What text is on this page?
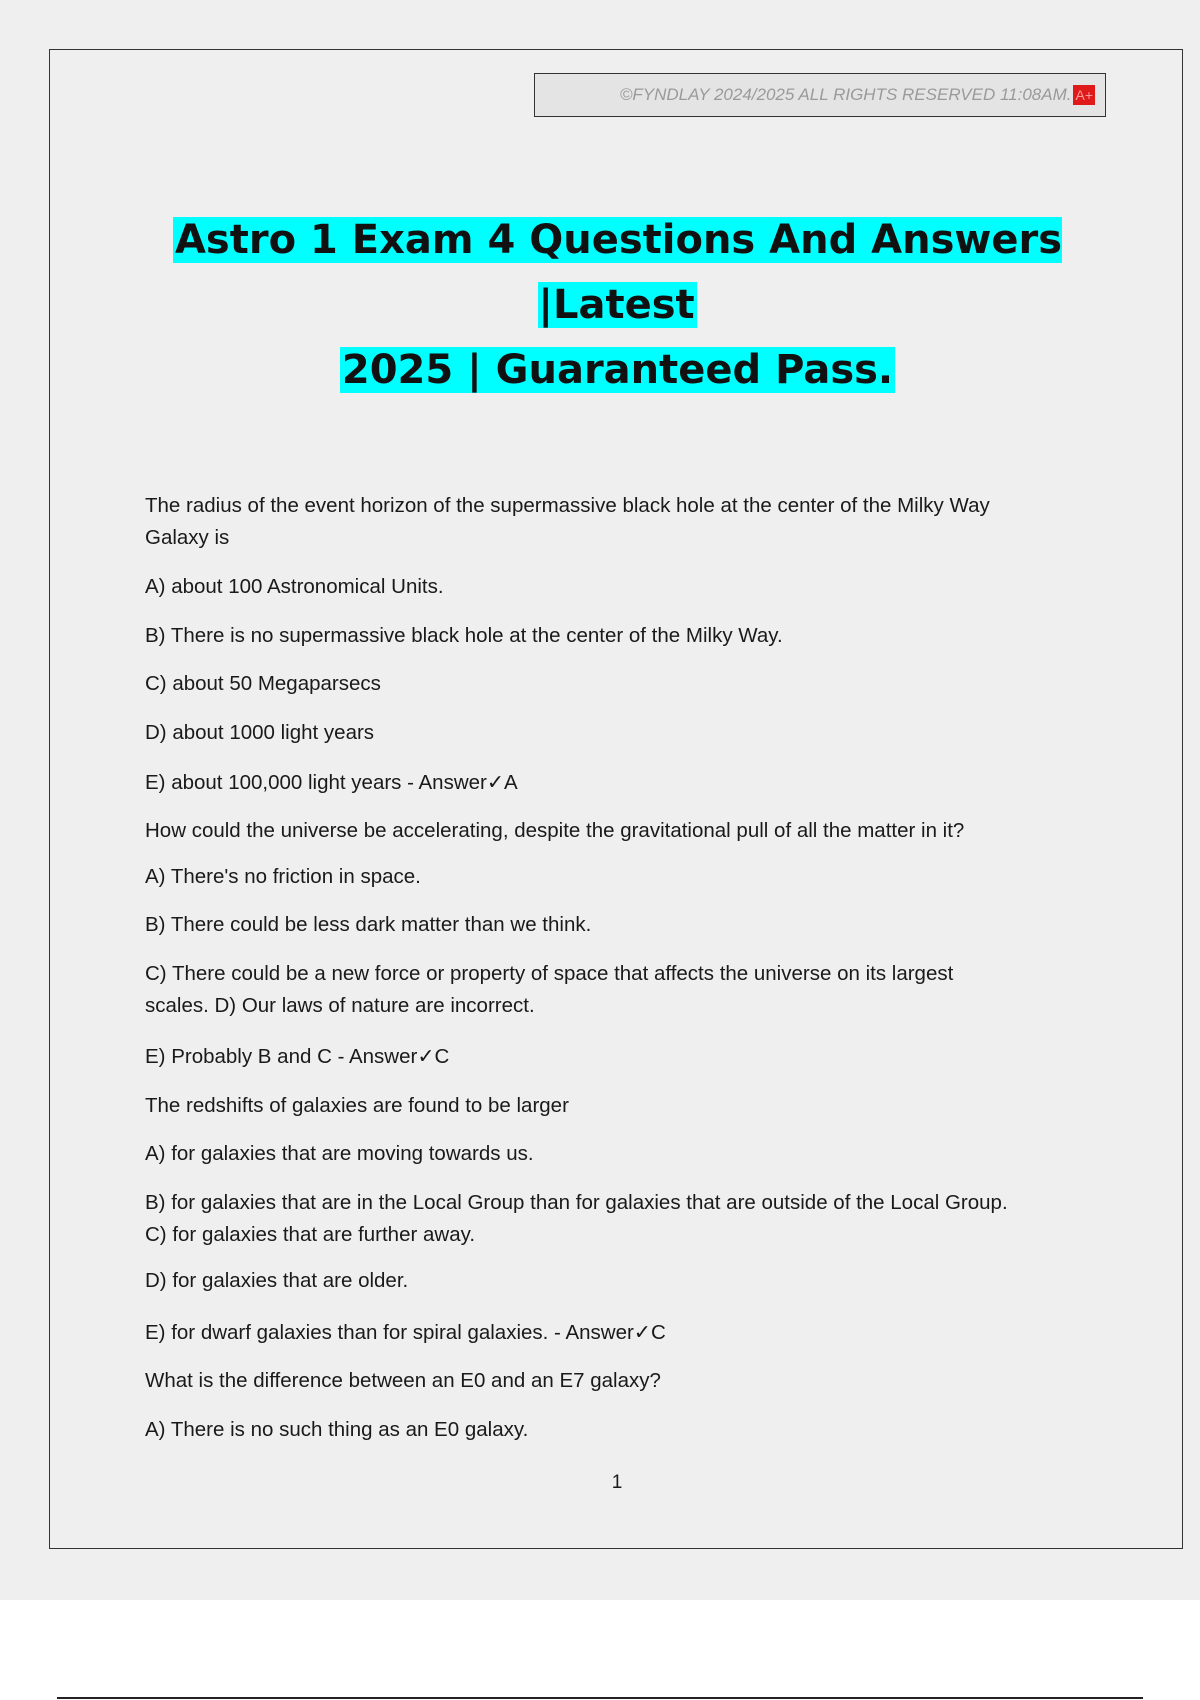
©FYNDLAY 2024/2025 ALL RIGHTS RESERVED 11:08AM. A+
Astro 1 Exam 4 Questions And Answers |Latest
2025 | Guaranteed Pass.
The radius of the event horizon of the supermassive black hole at the center of the Milky Way
Galaxy is
A) about 100 Astronomical Units.
B) There is no supermassive black hole at the center of the Milky Way.
C) about 50 Megaparsecs
D) about 1000 light years
E) about 100,000 light years - Answer✓A
How could the universe be accelerating, despite the gravitational pull of all the matter in it?
A) There's no friction in space.
B) There could be less dark matter than we think.
C) There could be a new force or property of space that affects the universe on its largest
scales. D) Our laws of nature are incorrect.
E) Probably B and C - Answer✓C
The redshifts of galaxies are found to be larger
A) for galaxies that are moving towards us.
B) for galaxies that are in the Local Group than for galaxies that are outside of the Local Group.
C) for galaxies that are further away.
D) for galaxies that are older.
E) for dwarf galaxies than for spiral galaxies. - Answer✓C
What is the difference between an E0 and an E7 galaxy?
A) There is no such thing as an E0 galaxy.
1
